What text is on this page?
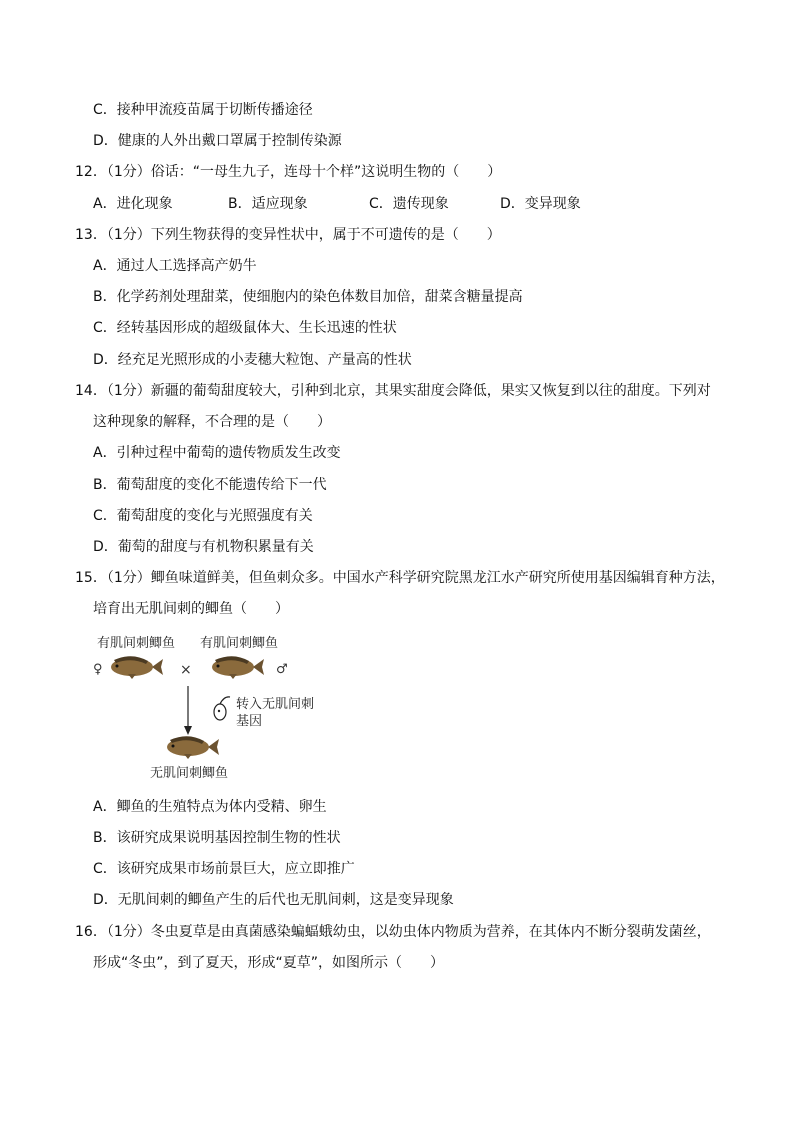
C．接种甲流疫苗属于切断传播途径
D．健康的人外出戴口罩属于控制传染源
12．（1分）俗话：“一母生九子，连母十个样”这说明生物的（　　）
A．进化现象	B．适应现象	C．遗传现象	D．变异现象
13．（1分）下列生物获得的变异性状中，属于不可遗传的是（　　）
A．通过人工选择高产奶牛
B．化学药剂处理甜菜，使细胞内的染色体数目加倍，甜菜含糖量提高
C．经转基因形成的超级鼠体大、生长迅速的性状
D．经充足光照形成的小麦穗大粒饱、产量高的性状
14．（1分）新疆的葡萄甜度较大，引种到北京，其果实甜度会降低，果实又恢复到以往的甜度。下列对
这种现象的解释，不合理的是（　　）
A．引种过程中葡萄的遗传物质发生改变
B．葡萄甜度的变化不能遗传给下一代
C．葡萄甜度的变化与光照强度有关
D．葡萄的甜度与有机物积累量有关
15．（1分）鲫鱼味道鲜美，但鱼刺众多。中国水产科学研究院黑龙江水产研究所使用基因编辑育种方法，
培育出无肌间刺的鲫鱼（　　）
有肌间刺鲫鱼 有肌间刺鲫鱼
♀	×	♂
转入无肌间刺
基因
无肌间刺鲫鱼
A．鲫鱼的生殖特点为体内受精、卵生
B．该研究成果说明基因控制生物的性状
C．该研究成果市场前景巨大，应立即推广
D．无肌间刺的鲫鱼产生的后代也无肌间刺，这是变异现象
16．（1分）冬虫夏草是由真菌感染蝙蝠蛾幼虫，以幼虫体内物质为营养，在其体内不断分裂萌发菌丝，
形成“冬虫”，到了夏天，形成“夏草”，如图所示（　　）
